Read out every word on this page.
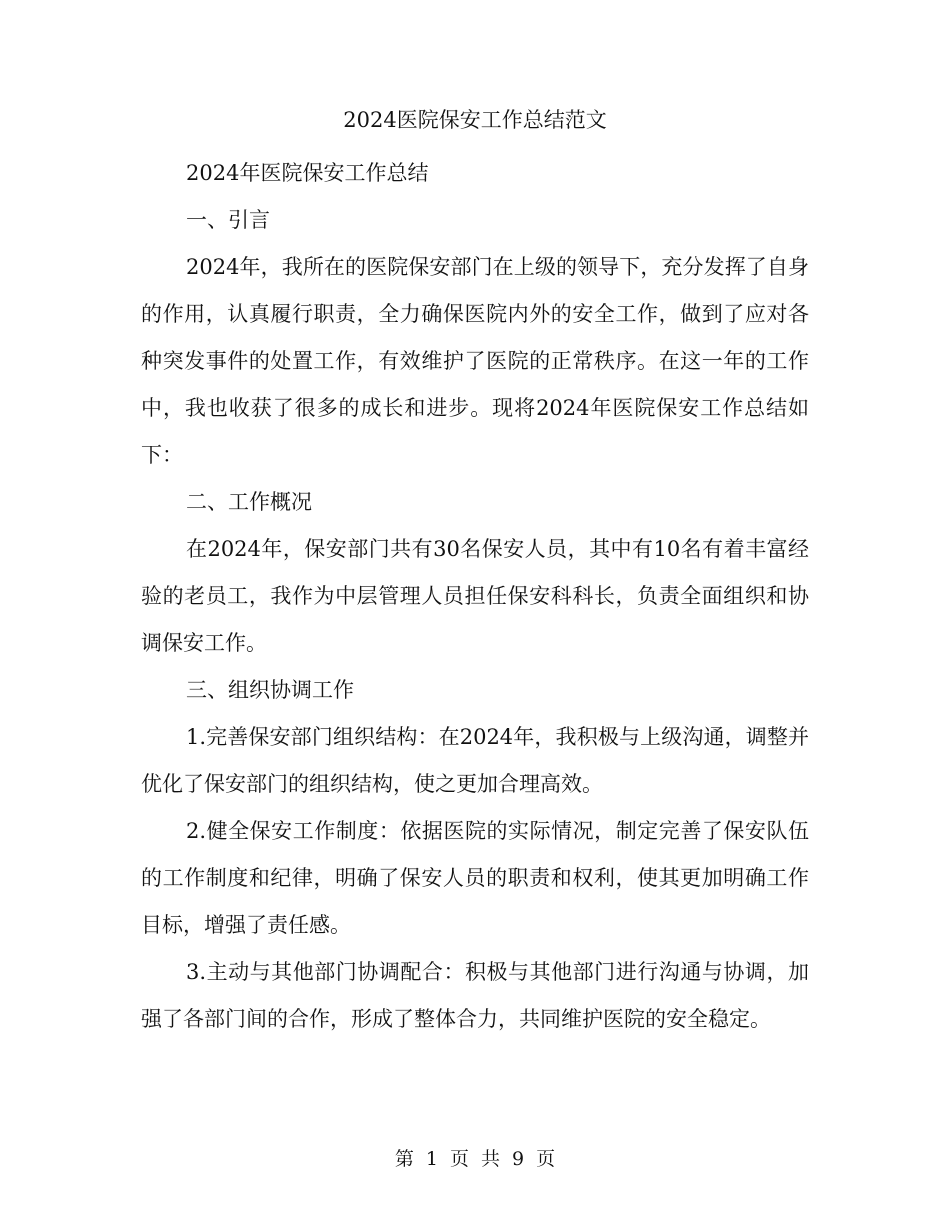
2024医院保安工作总结范文

2024年医院保安工作总结

一、引言

2024年，我所在的医院保安部门在上级的领导下，充分发挥了自身的作用，认真履行职责，全力确保医院内外的安全工作，做到了应对各种突发事件的处置工作，有效维护了医院的正常秩序。在这一年的工作中，我也收获了很多的成长和进步。现将2024年医院保安工作总结如下：

二、工作概况

在2024年，保安部门共有30名保安人员，其中有10名有着丰富经验的老员工，我作为中层管理人员担任保安科科长，负责全面组织和协调保安工作。

三、组织协调工作

1.完善保安部门组织结构：在2024年，我积极与上级沟通，调整并优化了保安部门的组织结构，使之更加合理高效。

2.健全保安工作制度：依据医院的实际情况，制定完善了保安队伍的工作制度和纪律，明确了保安人员的职责和权利，使其更加明确工作目标，增强了责任感。

3.主动与其他部门协调配合：积极与其他部门进行沟通与协调，加强了各部门间的合作，形成了整体合力，共同维护医院的安全稳定。

第 1 页 共 9 页
